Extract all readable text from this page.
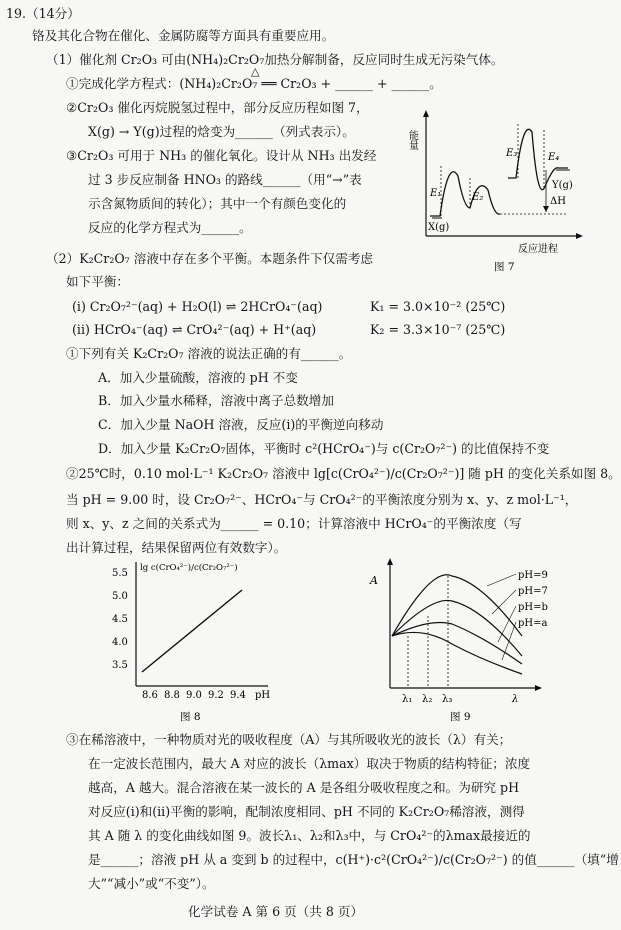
19.（14分）
铬及其化合物在催化、金属防腐等方面具有重要应用。
（1）催化剂 Cr₂O₃ 可由(NH₄)₂Cr₂O₇加热分解制备，反应同时生成无污染气体。
①完成化学方程式：(NH₄)₂Cr₂O₇ ══ Cr₂O₃ + ______ + ______。
△
②Cr₂O₃ 催化丙烷脱氢过程中，部分反应历程如图 7，
X(g) → Y(g)过程的焓变为______（列式表示）。
③Cr₂O₃ 可用于 NH₃ 的催化氧化。设计从 NH₃ 出发经
过 3 步反应制备 HNO₃ 的路线______（用“→”表
示含氮物质间的转化）；其中一个有颜色变化的
反应的化学方程式为______。
能量
E₁	E₂
E₃	E₄
ΔH
X(g)
Y(g)
反应进程
图 7
（2）K₂Cr₂O₇ 溶液中存在多个平衡。本题条件下仅需考虑
如下平衡：
(i) Cr₂O₇²⁻(aq) + H₂O(l) ⇌ 2HCrO₄⁻(aq)	K₁ = 3.0×10⁻² (25℃)
(ii) HCrO₄⁻(aq) ⇌ CrO₄²⁻(aq) + H⁺(aq)	K₂ = 3.3×10⁻⁷ (25℃)
①下列有关 K₂Cr₂O₇ 溶液的说法正确的有______。
A．加入少量硫酸，溶液的 pH 不变
B．加入少量水稀释，溶液中离子总数增加
C．加入少量 NaOH 溶液，反应(i)的平衡逆向移动
D．加入少量 K₂Cr₂O₇固体，平衡时 c²(HCrO₄⁻)与 c(Cr₂O₇²⁻) 的比值保持不变
②25℃时，0.10 mol·L⁻¹ K₂Cr₂O₇ 溶液中 lg[c(CrO₄²⁻)/c(Cr₂O₇²⁻)] 随 pH 的变化关系如图 8。
当 pH = 9.00 时，设 Cr₂O₇²⁻、HCrO₄⁻与 CrO₄²⁻的平衡浓度分别为 x、y、z mol·L⁻¹，
则 x、y、z 之间的关系式为______ = 0.10；计算溶液中 HCrO₄⁻的平衡浓度（写
出计算过程，结果保留两位有效数字）。
lg c(CrO₄²⁻)/c(Cr₂O₇²⁻)
5.5
5.0
4.5
4.0
3.5
8.6 8.8 9.0 9.2 9.4 pH
图 8
A
λ₁ λ₂ λ₃	λ
pH=9
pH=7
pH=b
pH=a
图 9
③在稀溶液中，一种物质对光的吸收程度（A）与其所吸收光的波长（λ）有关；
在一定波长范围内，最大 A 对应的波长（λmax）取决于物质的结构特征；浓度
越高，A 越大。混合溶液在某一波长的 A 是各组分吸收程度之和。为研究 pH
对反应(i)和(ii)平衡的影响，配制浓度相同、pH 不同的 K₂Cr₂O₇稀溶液，测得
其 A 随 λ 的变化曲线如图 9。波长λ₁、λ₂和λ₃中，与 CrO₄²⁻的λmax最接近的
是______；溶液 pH 从 a 变到 b 的过程中，c(H⁺)·c²(CrO₄²⁻)/c(Cr₂O₇²⁻) 的值______（填“增
大”“减小”或“不变”）。
化学试卷 A 第 6 页（共 8 页）
